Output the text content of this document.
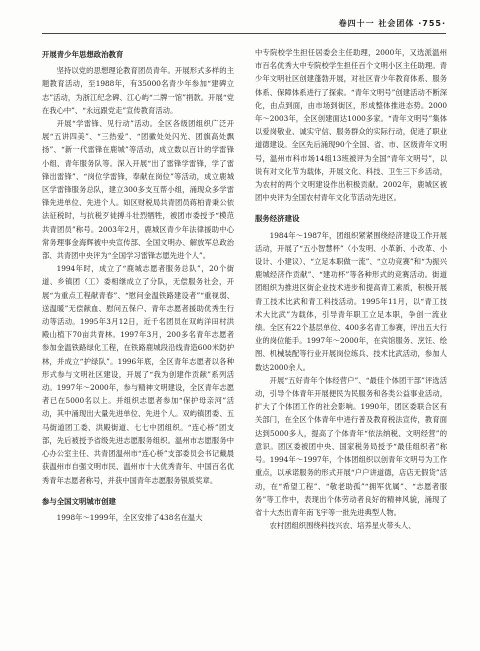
卷四十一 社会团体 ·755·
开展青少年思想政治教育

坚持以党的思想理论教育团员青年。开展形式多样的主题教育活动，至1988年，有35000名青少年参加“建碑立志”活动，为浙江纪念碑、江心屿“二牌一馆”捐款。开展“党在我心中”、“永远跟党走”宣传教育活动。

开展“学雷锋、见行动”活动。全区各级团组织广泛开展“五讲四美”、“三热爱”、“团徽处处闪光、团旗高处飘扬”、“新一代雷锋在鹿城”等活动，成立数以百计的学雷锋小组、青年服务队等。深入开展“出了雷锋学雷锋，学了雷锋出雷锋”、“岗位学雷锋，奉献在岗位”等活动，成立鹿城区学雷锋服务总队，建立300多支互帮小组，涌现众多学雷锋先进单位、先进个人。如区财税局共青团员蒋柏青秉公依法征税时，与抗税歹徒搏斗壮烈牺牲，被团市委授予“模范共青团员”称号。2003年2月，鹿城区青少年法律援助中心常务理事金海辉被中央宣传部、全国文明办、解放军总政治部、共青团中央评为“全国学习雷锋志愿先进个人”。

1994年时，成立了“鹿城志愿者服务总队”，20个街道、乡镇团（工）委相继成立了分队，无偿服务社会，开展“为重点工程献青春”、“慰问金温铁路建设者”“重视弱、送温暖”无偿献血、慰问五保户、青年志愿者援助优秀生行动等活动。1995年3月12日，近千名团员在双屿洋田村洪殿山植下70亩共青林。1997年3月，200多名青年志愿者参加金温铁路绿化工程，在铁路鹿城段沿线青造600米防护林，并成立“护绿队”。1996年底，全区青年志愿者以各种形式参与文明社区建设，开展了“我为创建作贡献”系列活动。1997年～2000年，参与精神文明建设，全区青年志愿者已在5000名以上。并组织志愿者参加“保护母亲河”活动，其中涌现出大量先进单位、先进个人。双屿镇团委、五马街道团工委、洪殿街道、七七中团组织。“连心桥”团支部，先后被授予省级先进志愿服务组织。温州市志愿服务中心办公室主任、共青团温州市“连心桥”支部委员会书记戴晨获温州市自强文明市民、温州市十大优秀青年、中国百名优秀青年志愿者称号，并获中国青年志愿服务银质奖章。

参与全国文明城市创建

1998年～1999年，全区安排了438名在温大

中专院校学生担任居委会主任助理，2000年，又选派温州市百名优秀大中专院校学生担任百个文明小区主任助理。青少年文明社区创建蓬勃开展，对社区青少年教育体系、服务体系、保障体系进行了探索。“青年文明号”创建活动不断深化，由点到面，由市场到街区，形成整体推进态势。2000年～2003年，全区创建面达1000多家。“青年文明号”集体以爱岗敬业、诚实守信、服务群众的实际行动，促进了职业道德建设。全区先后涌现90个全国、省、市、区级青年文明号，温州市科市场14组13班被评为全国“青年文明号”，以说有对文化节为载体，开展文化、科技、卫生三下乡活动，为农村的两个文明建设作出积极贡献。2002年，鹿城区被团中央评为全国农村青年文化节活动先进区。

服务经济建设

1984年～1987年，团组织紧紧围绕经济建设工作开展活动，开展了“五小智慧杯”（小发明、小革新、小改革、小设计、小建议）、“立足本职做一流”、“立功竞赛”和“为振兴鹿城经济作贡献”、“建功杯”等各种形式的竞赛活动。街道团组织为推进区街企业技术进步和提高青工素质，积极开展青工技术比武和青工科技活动。1995年11月，以“青工技术大比武”为载体，引导青年职工立足本职，争创一流业绩。全区有22个基层单位、400多名青工参赛，评出五大行业的岗位能手。1997年～2000年，在宾馆服务、烹饪、绘图、机械装配等行业开展岗位练兵、技术比武活动，参加人数达2000余人。

开展“五好青年个体经营户”、“最佳个体团干部”评选活动，引导个体青年开展便民为民服务和各类公益事业活动，扩大了个体团工作的社会影响。1990年，团区委联合区有关部门，在全区个体青年中进行普及教育税法宣传，教育面达到5000多人，提高了个体青年“依法纳税、文明经营”的意识。团区委被团中央、国家税务局授予“最佳组织者”称号。1994年～1997年，个体团组织以创青年文明号为工作重点，以承诺服务的形式开展“户户讲道德，店店无假货”活动，在“希望工程”、“敬老助孤”“拥军优属”、“志愿者服务”等工作中，表现出个体劳动者良好的精神风貌，涌现了省十大杰出青年南飞宇等一批先进典型人物。

农村团组织围绕科技兴农、培养星火带头人、
